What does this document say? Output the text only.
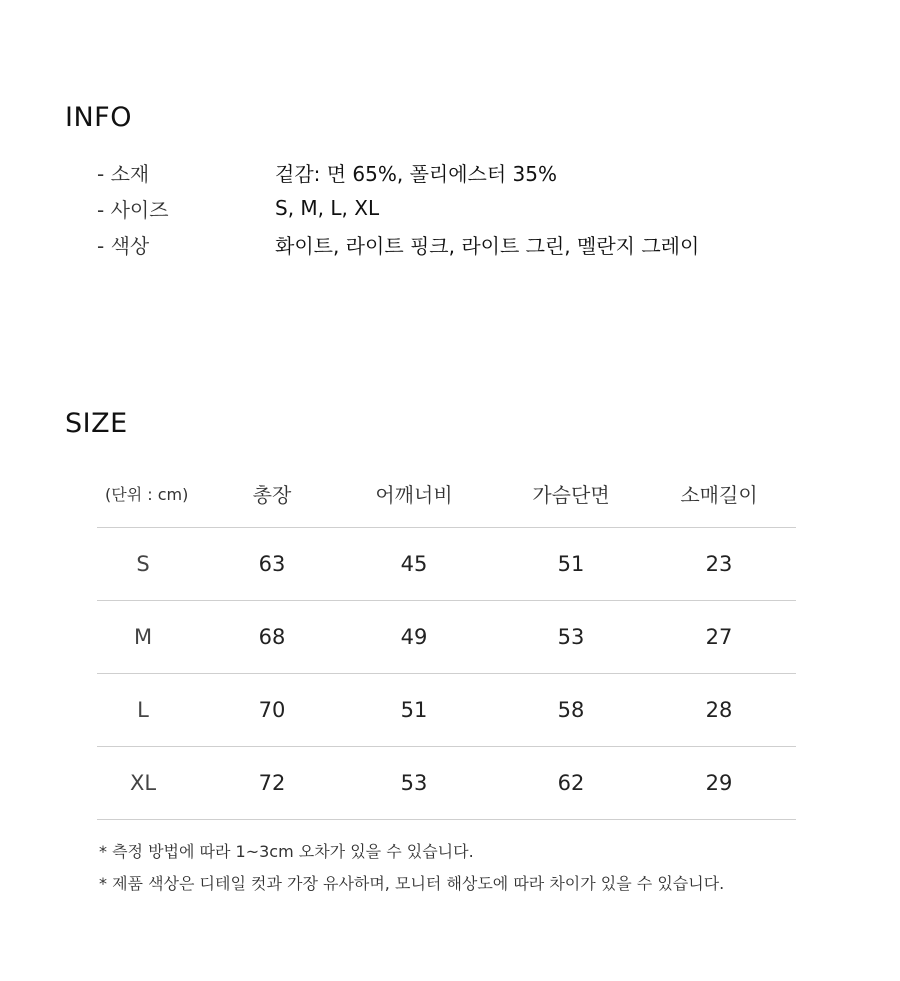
INFO
- 소재	겉감: 면 65%, 폴리에스터 35%
- 사이즈	S, M, L, XL
- 색상	화이트, 라이트 핑크, 라이트 그린, 멜란지 그레이
SIZE
(단위 : cm)	총장	어깨너비	가슴단면	소매길이
S	63	45	51	23
M	68	49	53	27
L	70	51	58	28
XL	72	53	62	29
* 측정 방법에 따라 1~3cm 오차가 있을 수 있습니다.
* 제품 색상은 디테일 컷과 가장 유사하며, 모니터 해상도에 따라 차이가 있을 수 있습니다.
